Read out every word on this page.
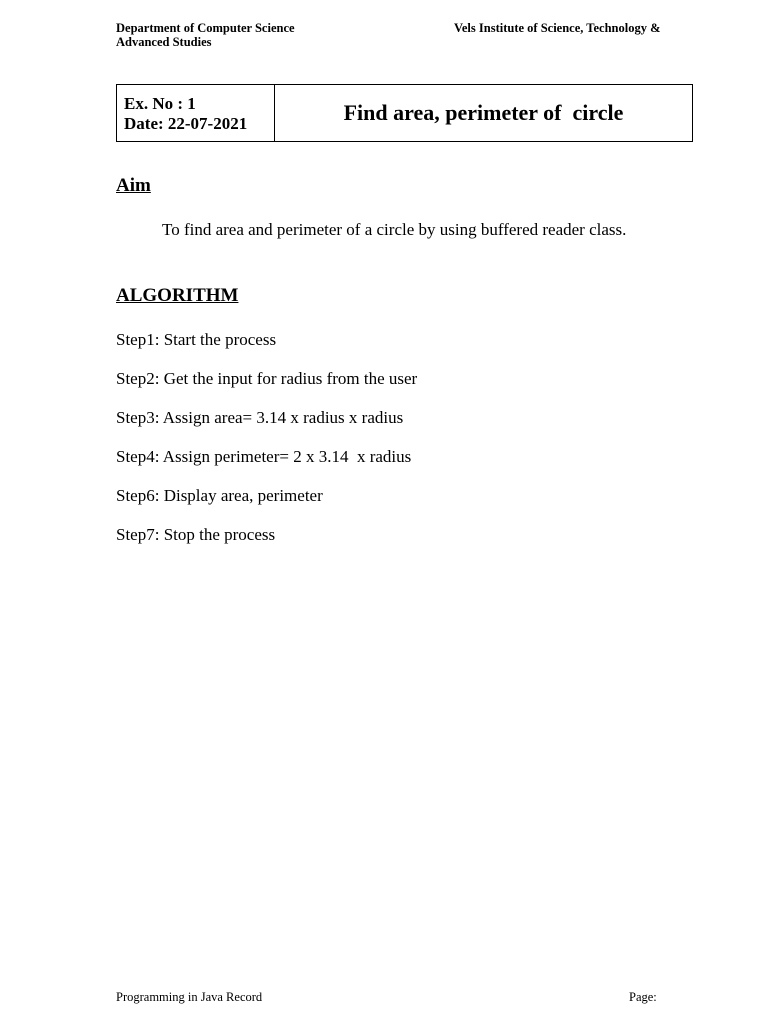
Department of Computer Science
Advanced Studies
Vels Institute of Science, Technology &
Ex. No : 1
Date: 22-07-2021	Find area, perimeter of  circle
Aim
To find area and perimeter of a circle by using buffered reader class.
ALGORITHM
Step1: Start the process
Step2: Get the input for radius from the user
Step3: Assign area= 3.14 x radius x radius
Step4: Assign perimeter= 2 x 3.14  x radius
Step6: Display area, perimeter
Step7: Stop the process
Programming in Java Record	Page:
